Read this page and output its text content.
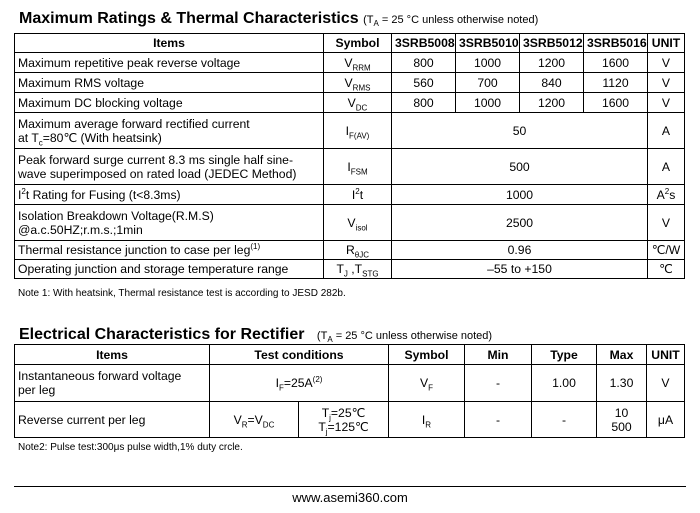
Maximum Ratings & Thermal Characteristics ($T_A = 25$ °C unless otherwise noted)
Items	Symbol	3SRB5008	3SRB5010	3SRB5012	3SRB5016	UNIT
Maximum repetitive peak reverse voltage	$V_{RRM}$	800	1000	1200	1600	V
Maximum RMS voltage	$V_{RMS}$	560	700	840	1120	V
Maximum DC blocking voltage	$V_{DC}$	800	1000	1200	1600	V
Maximum average forward rectified current
at $T_c=80℃$ (With heatsink)	$I_{F(AV)}$	50				A
Peak forward surge current 8.3 ms single half sine-
wave superimposed on rated load (JEDEC Method)	$I_{FSM}$	500				A
$I^2t$ Rating for Fusing (t<8.3ms)	$I^2t$	1000				$A^2s$
Isolation Breakdown Voltage(R.M.S)
@a.c.50HZ;r.m.s.;1min	$V_{isol}$	2500				V
Thermal resistance junction to case per leg$^{(1)}$	$R_{\theta JC}$	0.96				℃/W
Operating junction and storage temperature range	$T_J$ $,T_{STG}$	–55 to +150				℃
Note 1: With heatsink, Thermal resistance test is according to JESD 282b.
Electrical Characteristics for Rectifier ($T_A = 25$ °C unless otherwise noted)
Items	Test conditions		Symbol	Min	Type	Max	UNIT
Instantaneous forward voltage
per leg	$I_F=25A^{(2)}$		$V_F$	-	1.00	1.30	V
Reverse current per leg	$V_R=V_{DC}$	$T_j=25℃$
$T_j=125℃$	$I_R$	-	-	10
500	μA
Note2: Pulse test:300μs pulse width,1% duty crcle.
www.asemi360.com
